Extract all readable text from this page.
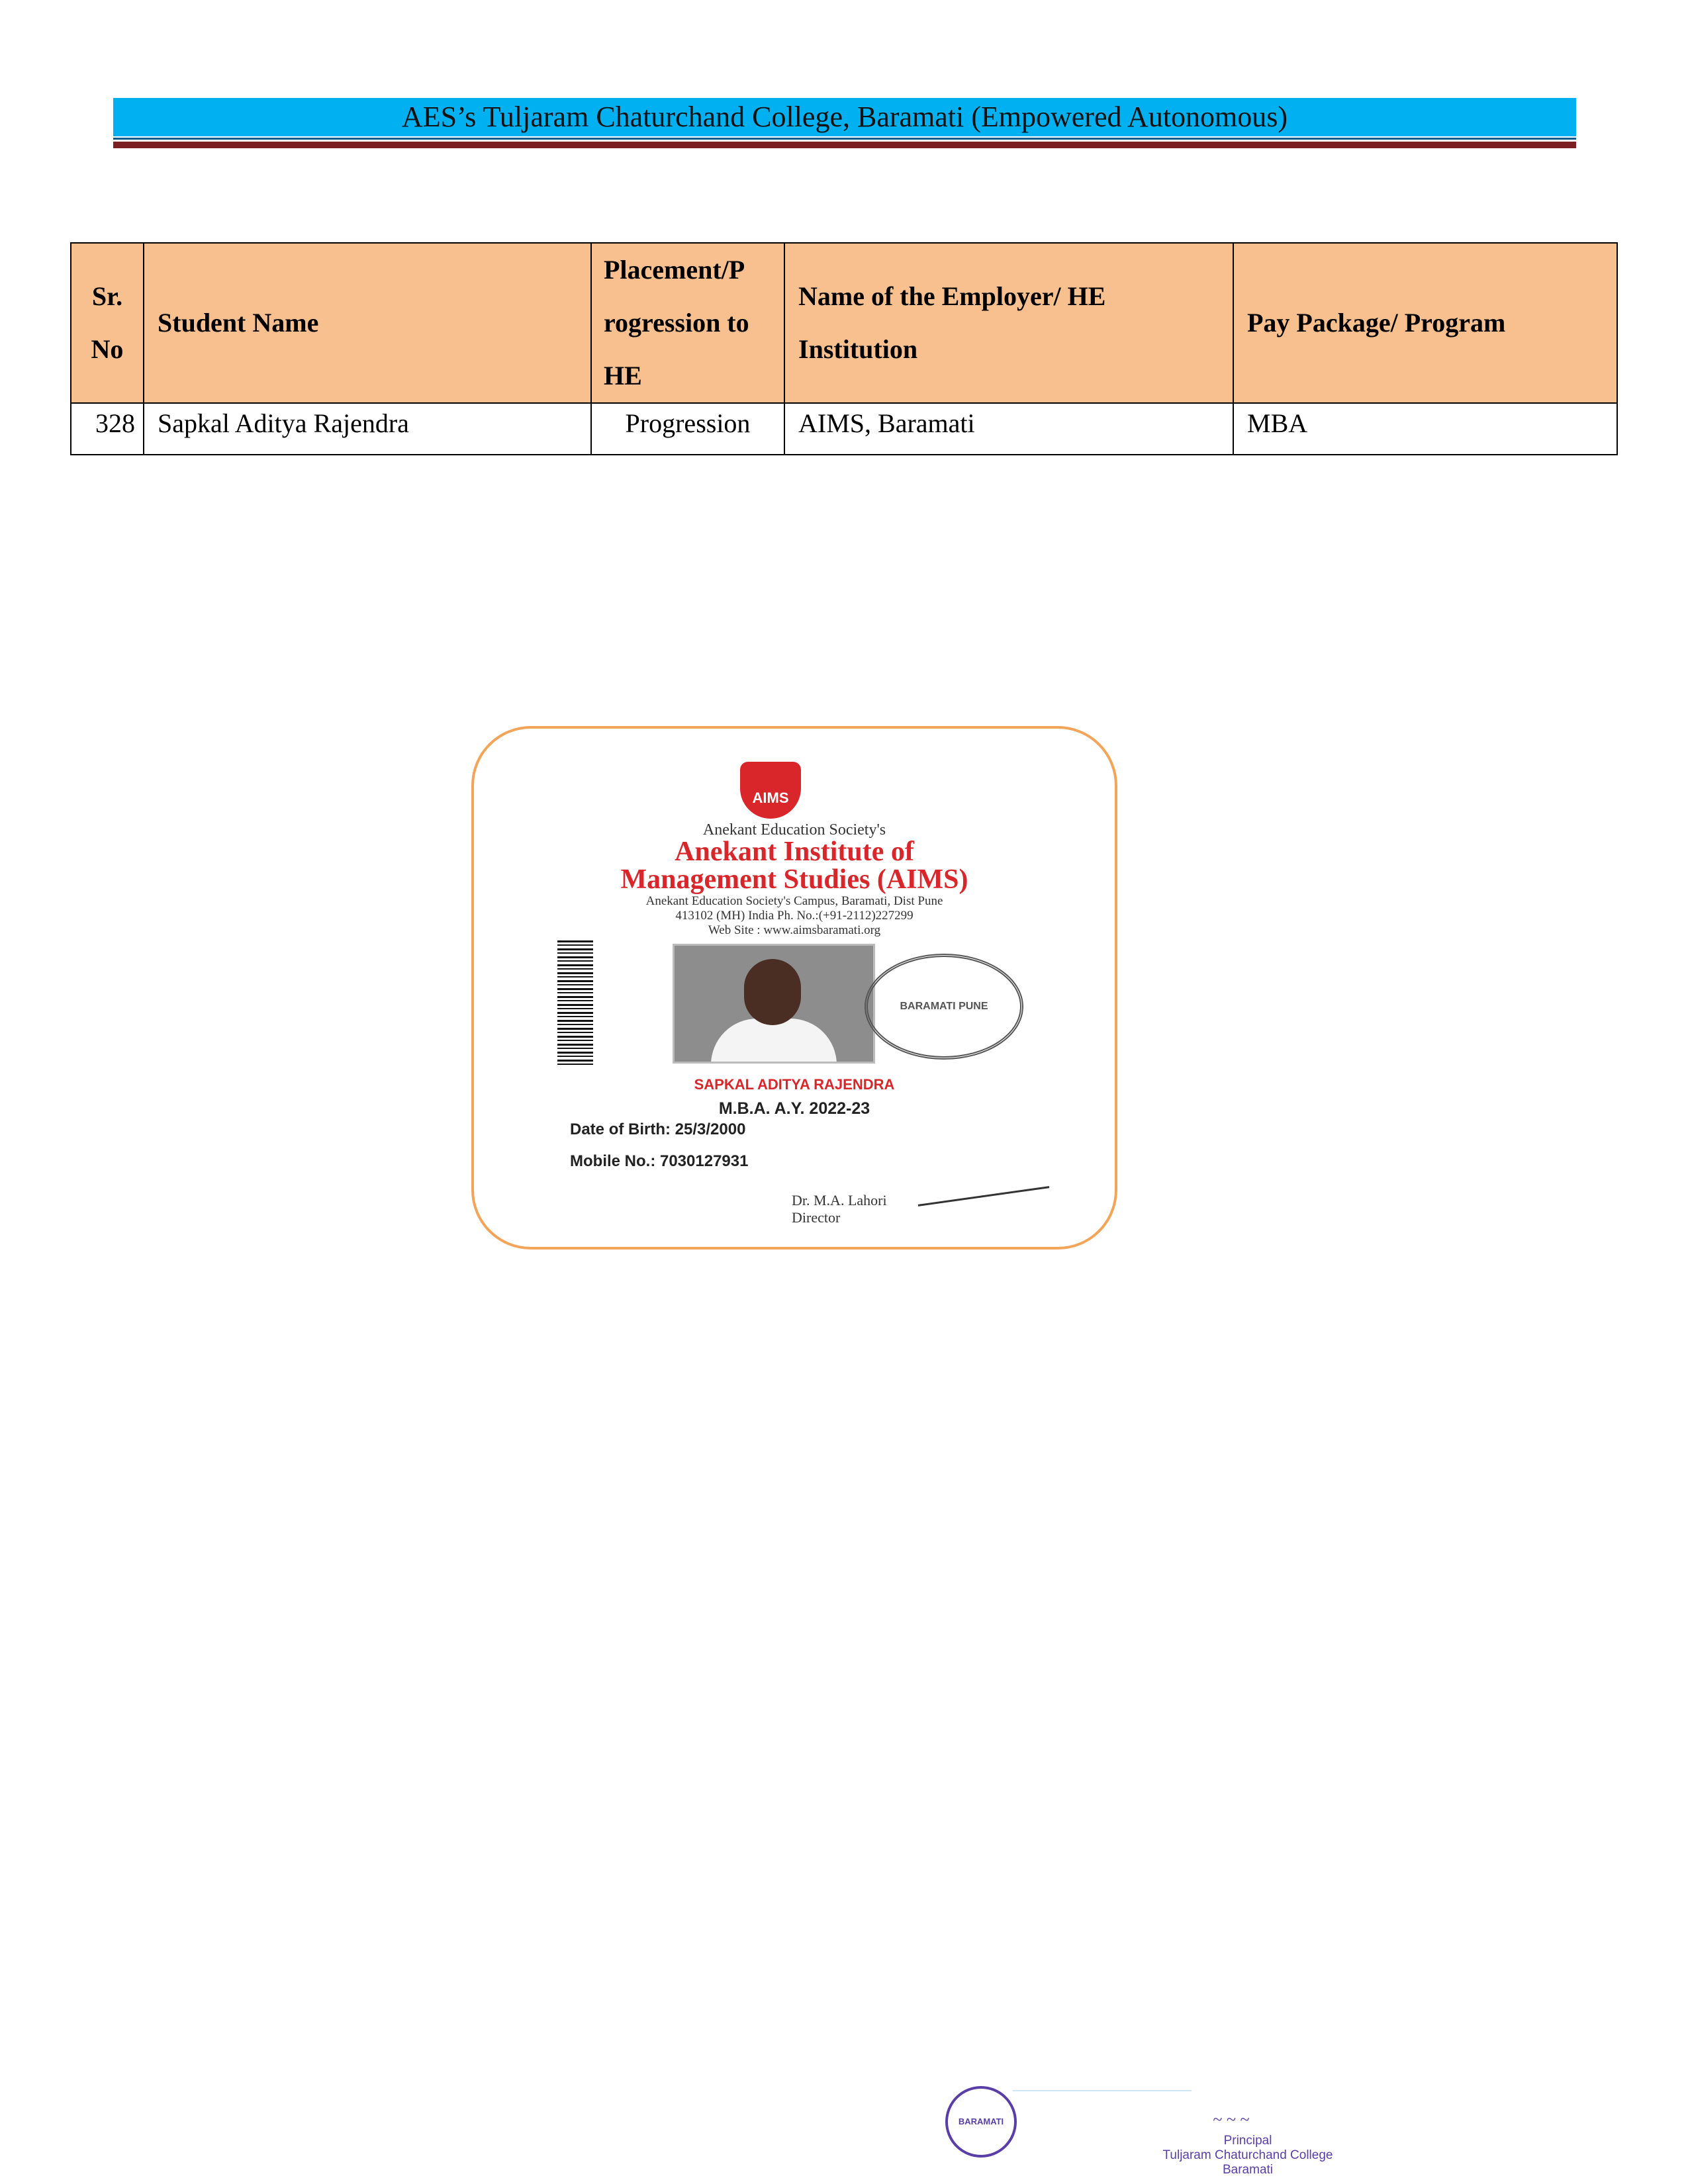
AES’s Tuljaram Chaturchand College, Baramati (Empowered Autonomous)
Sr. No	Student Name	Placement/P rogression to HE	Name of the Employer/ HE Institution	Pay Package/ Program
328	Sapkal Aditya Rajendra	Progression	AIMS, Baramati	MBA
AIMS
Anekant Education Society's
Anekant Institute of
Management Studies (AIMS)
Anekant Education Society's Campus, Baramati, Dist Pune
413102 (MH) India Ph. No.:(+91-2112)227299
Web Site : www.aimsbaramati.org
BARAMATI PUNE
SAPKAL ADITYA RAJENDRA
M.B.A. A.Y. 2022-23
Date of Birth: 25/3/2000
Mobile No.: 7030127931
Dr. M.A. Lahori
Director
BARAMATI	~ ~ ~
Principal
Tuljaram Chaturchand College
Baramati
